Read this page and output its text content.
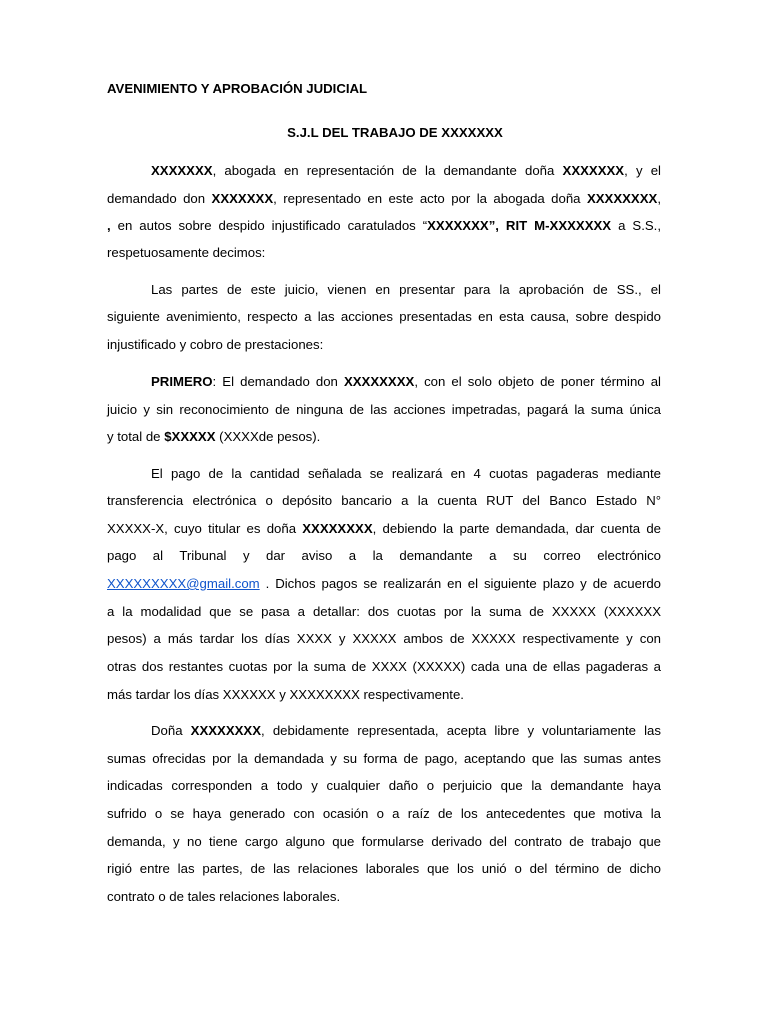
AVENIMIENTO Y APROBACIÓN JUDICIAL
S.J.L DEL TRABAJO DE XXXXXXX
XXXXXXX, abogada en representación de la demandante doña XXXXXXX, y el
demandado don XXXXXXX, representado en este acto por la abogada doña XXXXXXXX,
, en autos sobre despido injustificado caratulados “XXXXXXX”, RIT M-XXXXXXX a S.S.,
respetuosamente decimos:
Las partes de este juicio, vienen en presentar para la aprobación de SS., el
siguiente avenimiento, respecto a las acciones presentadas en esta causa, sobre despido
injustificado y cobro de prestaciones:
PRIMERO: El demandado don XXXXXXXX, con el solo objeto de poner término al
juicio y sin reconocimiento de ninguna de las acciones impetradas, pagará la suma única
y total de $XXXXX (XXXXde pesos).
El pago de la cantidad señalada se realizará en 4 cuotas pagaderas mediante
transferencia electrónica o depósito bancario a la cuenta RUT del Banco Estado N°
XXXXX-X, cuyo titular es doña XXXXXXXX, debiendo la parte demandada, dar cuenta de
pago al Tribunal y dar aviso a la demandante a su correo electrónico
XXXXXXXXX@gmail.com . Dichos pagos se realizarán en el siguiente plazo y de acuerdo
a la modalidad que se pasa a detallar: dos cuotas por la suma de XXXXX (XXXXXX
pesos) a más tardar los días XXXX y XXXXX ambos de XXXXX respectivamente y con
otras dos restantes cuotas por la suma de XXXX (XXXXX) cada una de ellas pagaderas a
más tardar los días XXXXXX y XXXXXXXX respectivamente.
Doña XXXXXXXX, debidamente representada, acepta libre y voluntariamente las
sumas ofrecidas por la demandada y su forma de pago, aceptando que las sumas antes
indicadas corresponden a todo y cualquier daño o perjuicio que la demandante haya
sufrido o se haya generado con ocasión o a raíz de los antecedentes que motiva la
demanda, y no tiene cargo alguno que formularse derivado del contrato de trabajo que
rigió entre las partes, de las relaciones laborales que los unió o del término de dicho
contrato o de tales relaciones laborales.
